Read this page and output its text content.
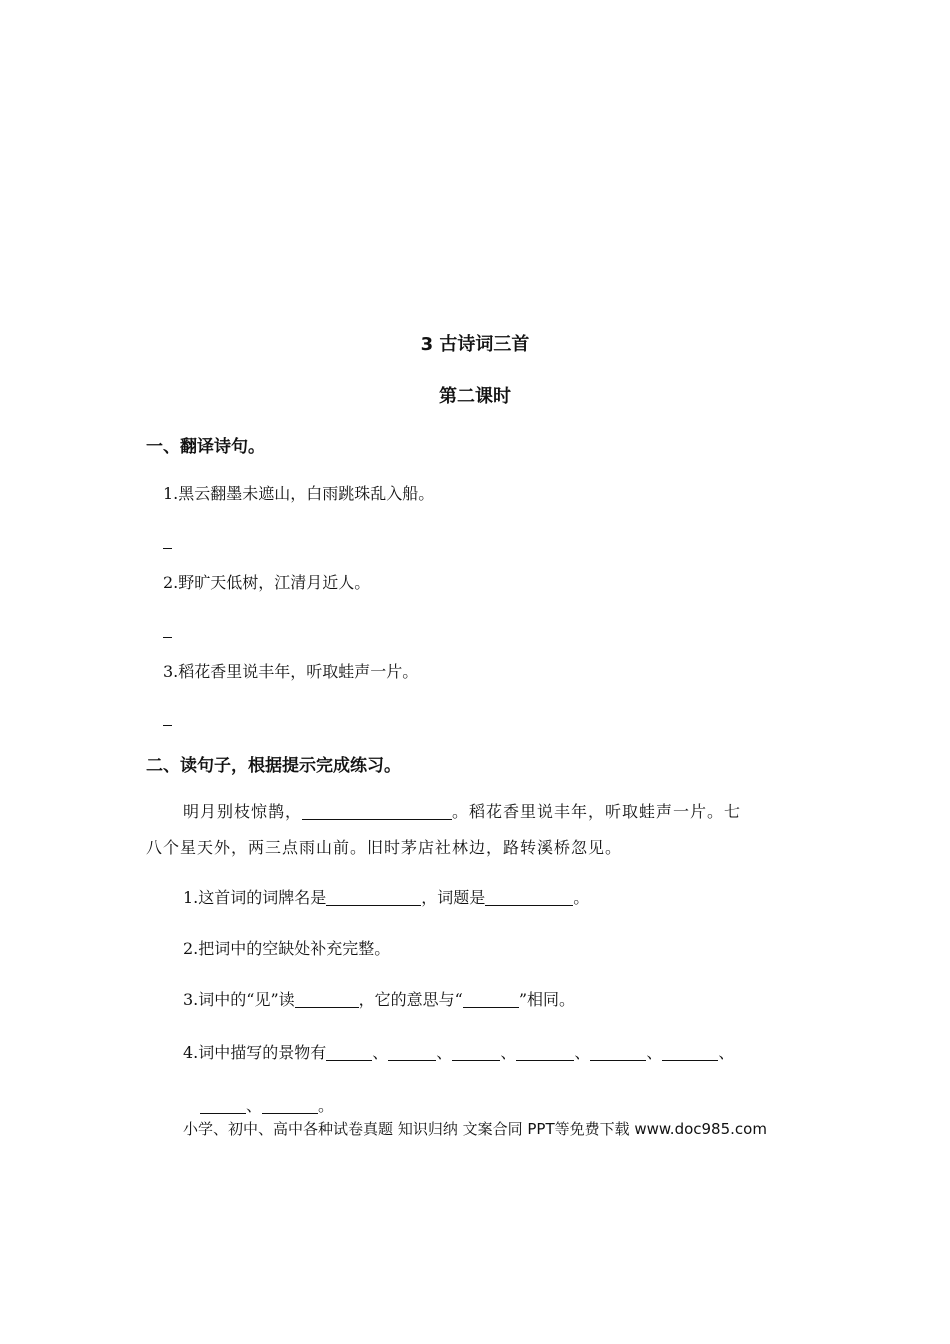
3 古诗词三首
第二课时
一、翻译诗句。
1.黑云翻墨未遮山，白雨跳珠乱入船。
2.野旷天低树，江清月近人。
3.稻花香里说丰年，听取蛙声一片。
二、读句子，根据提示完成练习。
明月别枝惊鹊，	。稻花香里说丰年，听取蛙声一片。七
八个星天外，两三点雨山前。旧时茅店社林边，路转溪桥忽见。
1.这首词的词牌名是	，词题是	。
2.把词中的空缺处补充完整。
3.词中的“见”读	，它的意思与“	”相同。
4.词中描写的景物有	、	、	、	、	、	、
、	。
小学、初中、高中各种试卷真题 知识归纳 文案合同 PPT等免费下载 www.doc985.com
